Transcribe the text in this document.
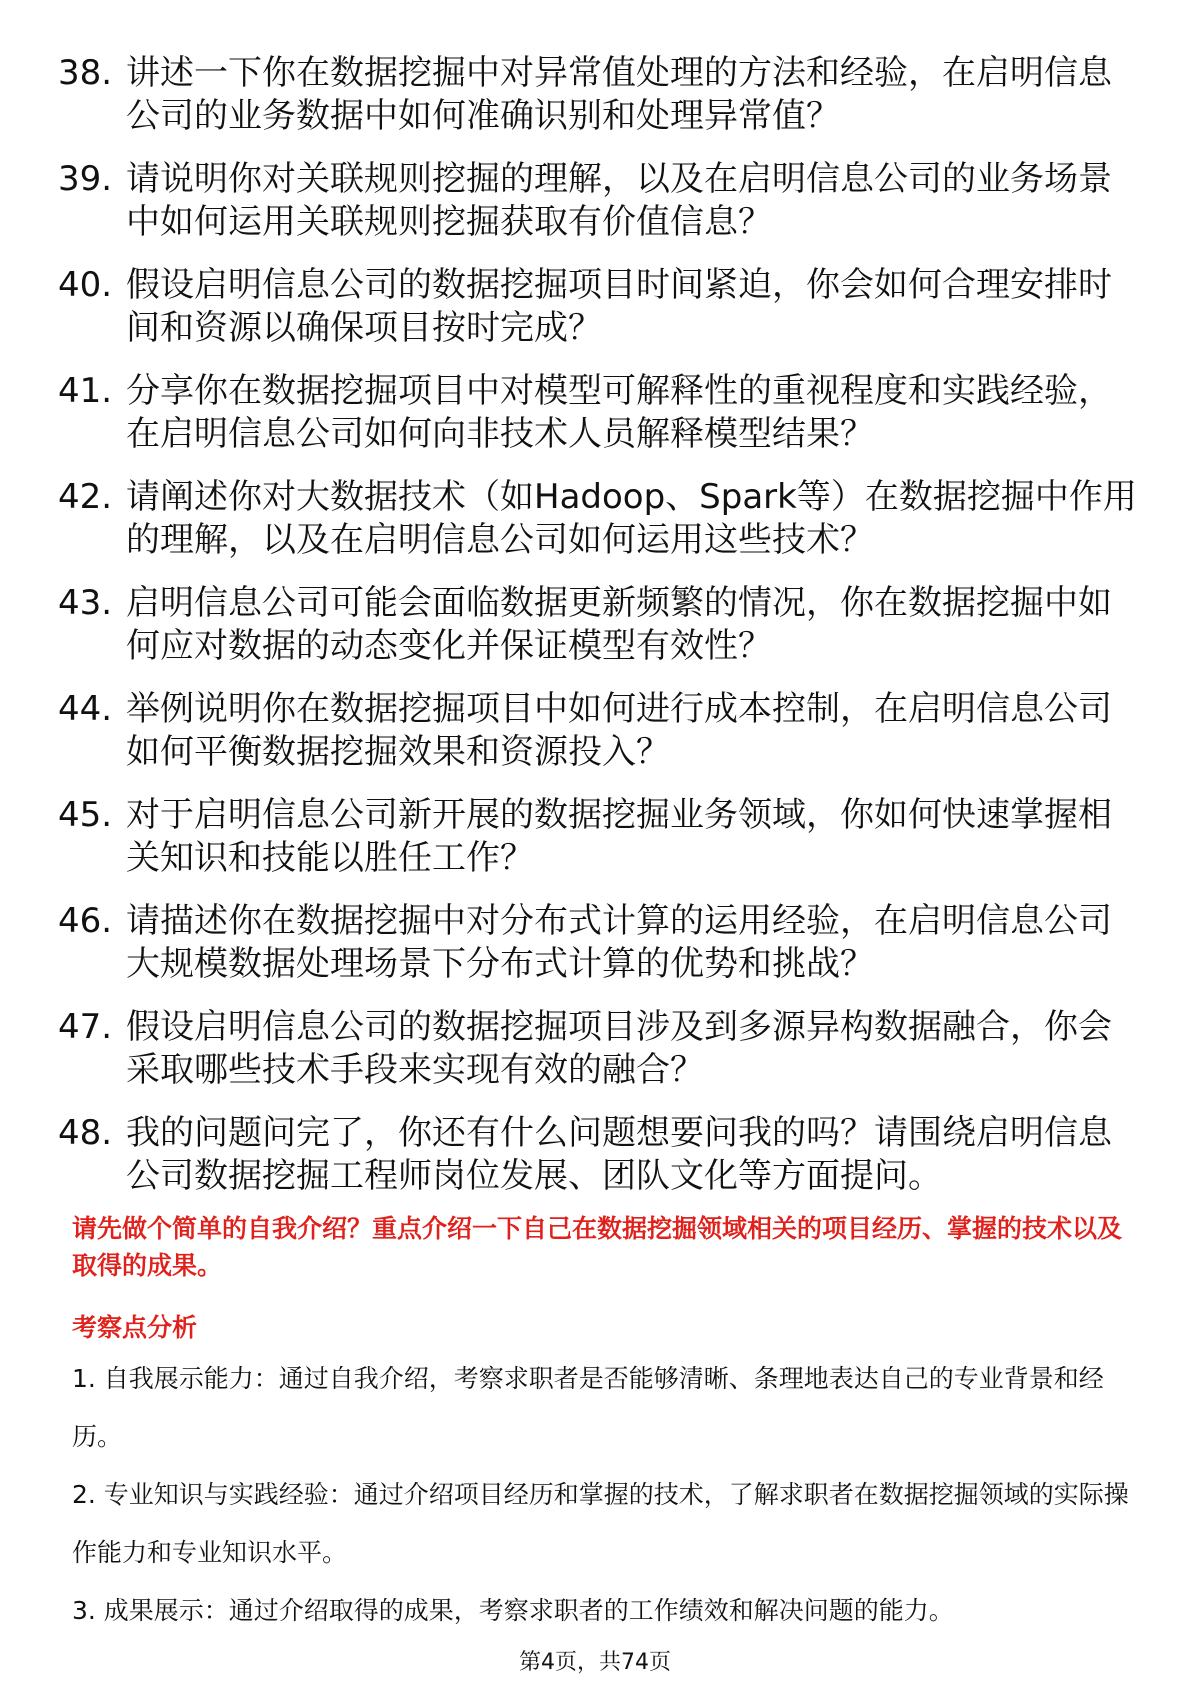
38. 讲述一下你在数据挖掘中对异常值处理的方法和经验，在启明信息公司的业务数据中如何准确识别和处理异常值？
39. 请说明你对关联规则挖掘的理解，以及在启明信息公司的业务场景中如何运用关联规则挖掘获取有价值信息？
40. 假设启明信息公司的数据挖掘项目时间紧迫，你会如何合理安排时间和资源以确保项目按时完成？
41. 分享你在数据挖掘项目中对模型可解释性的重视程度和实践经验，在启明信息公司如何向非技术人员解释模型结果？
42. 请阐述你对大数据技术（如Hadoop、Spark等）在数据挖掘中作用的理解，以及在启明信息公司如何运用这些技术？
43. 启明信息公司可能会面临数据更新频繁的情况，你在数据挖掘中如何应对数据的动态变化并保证模型有效性？
44. 举例说明你在数据挖掘项目中如何进行成本控制，在启明信息公司如何平衡数据挖掘效果和资源投入？
45. 对于启明信息公司新开展的数据挖掘业务领域，你如何快速掌握相关知识和技能以胜任工作？
46. 请描述你在数据挖掘中对分布式计算的运用经验，在启明信息公司大规模数据处理场景下分布式计算的优势和挑战？
47. 假设启明信息公司的数据挖掘项目涉及到多源异构数据融合，你会采取哪些技术手段来实现有效的融合？
48. 我的问题问完了，你还有什么问题想要问我的吗？请围绕启明信息公司数据挖掘工程师岗位发展、团队文化等方面提问。
请先做个简单的自我介绍？重点介绍一下自己在数据挖掘领域相关的项目经历、掌握的技术以及取得的成果。
考察点分析

1. 自我展示能力：通过自我介绍，考察求职者是否能够清晰、条理地表达自己的专业背景和经历。

2. 专业知识与实践经验：通过介绍项目经历和掌握的技术，了解求职者在数据挖掘领域的实际操作能力和专业知识水平。

3. 成果展示：通过介绍取得的成果，考察求职者的工作绩效和解决问题的能力。

第4页，共74页
